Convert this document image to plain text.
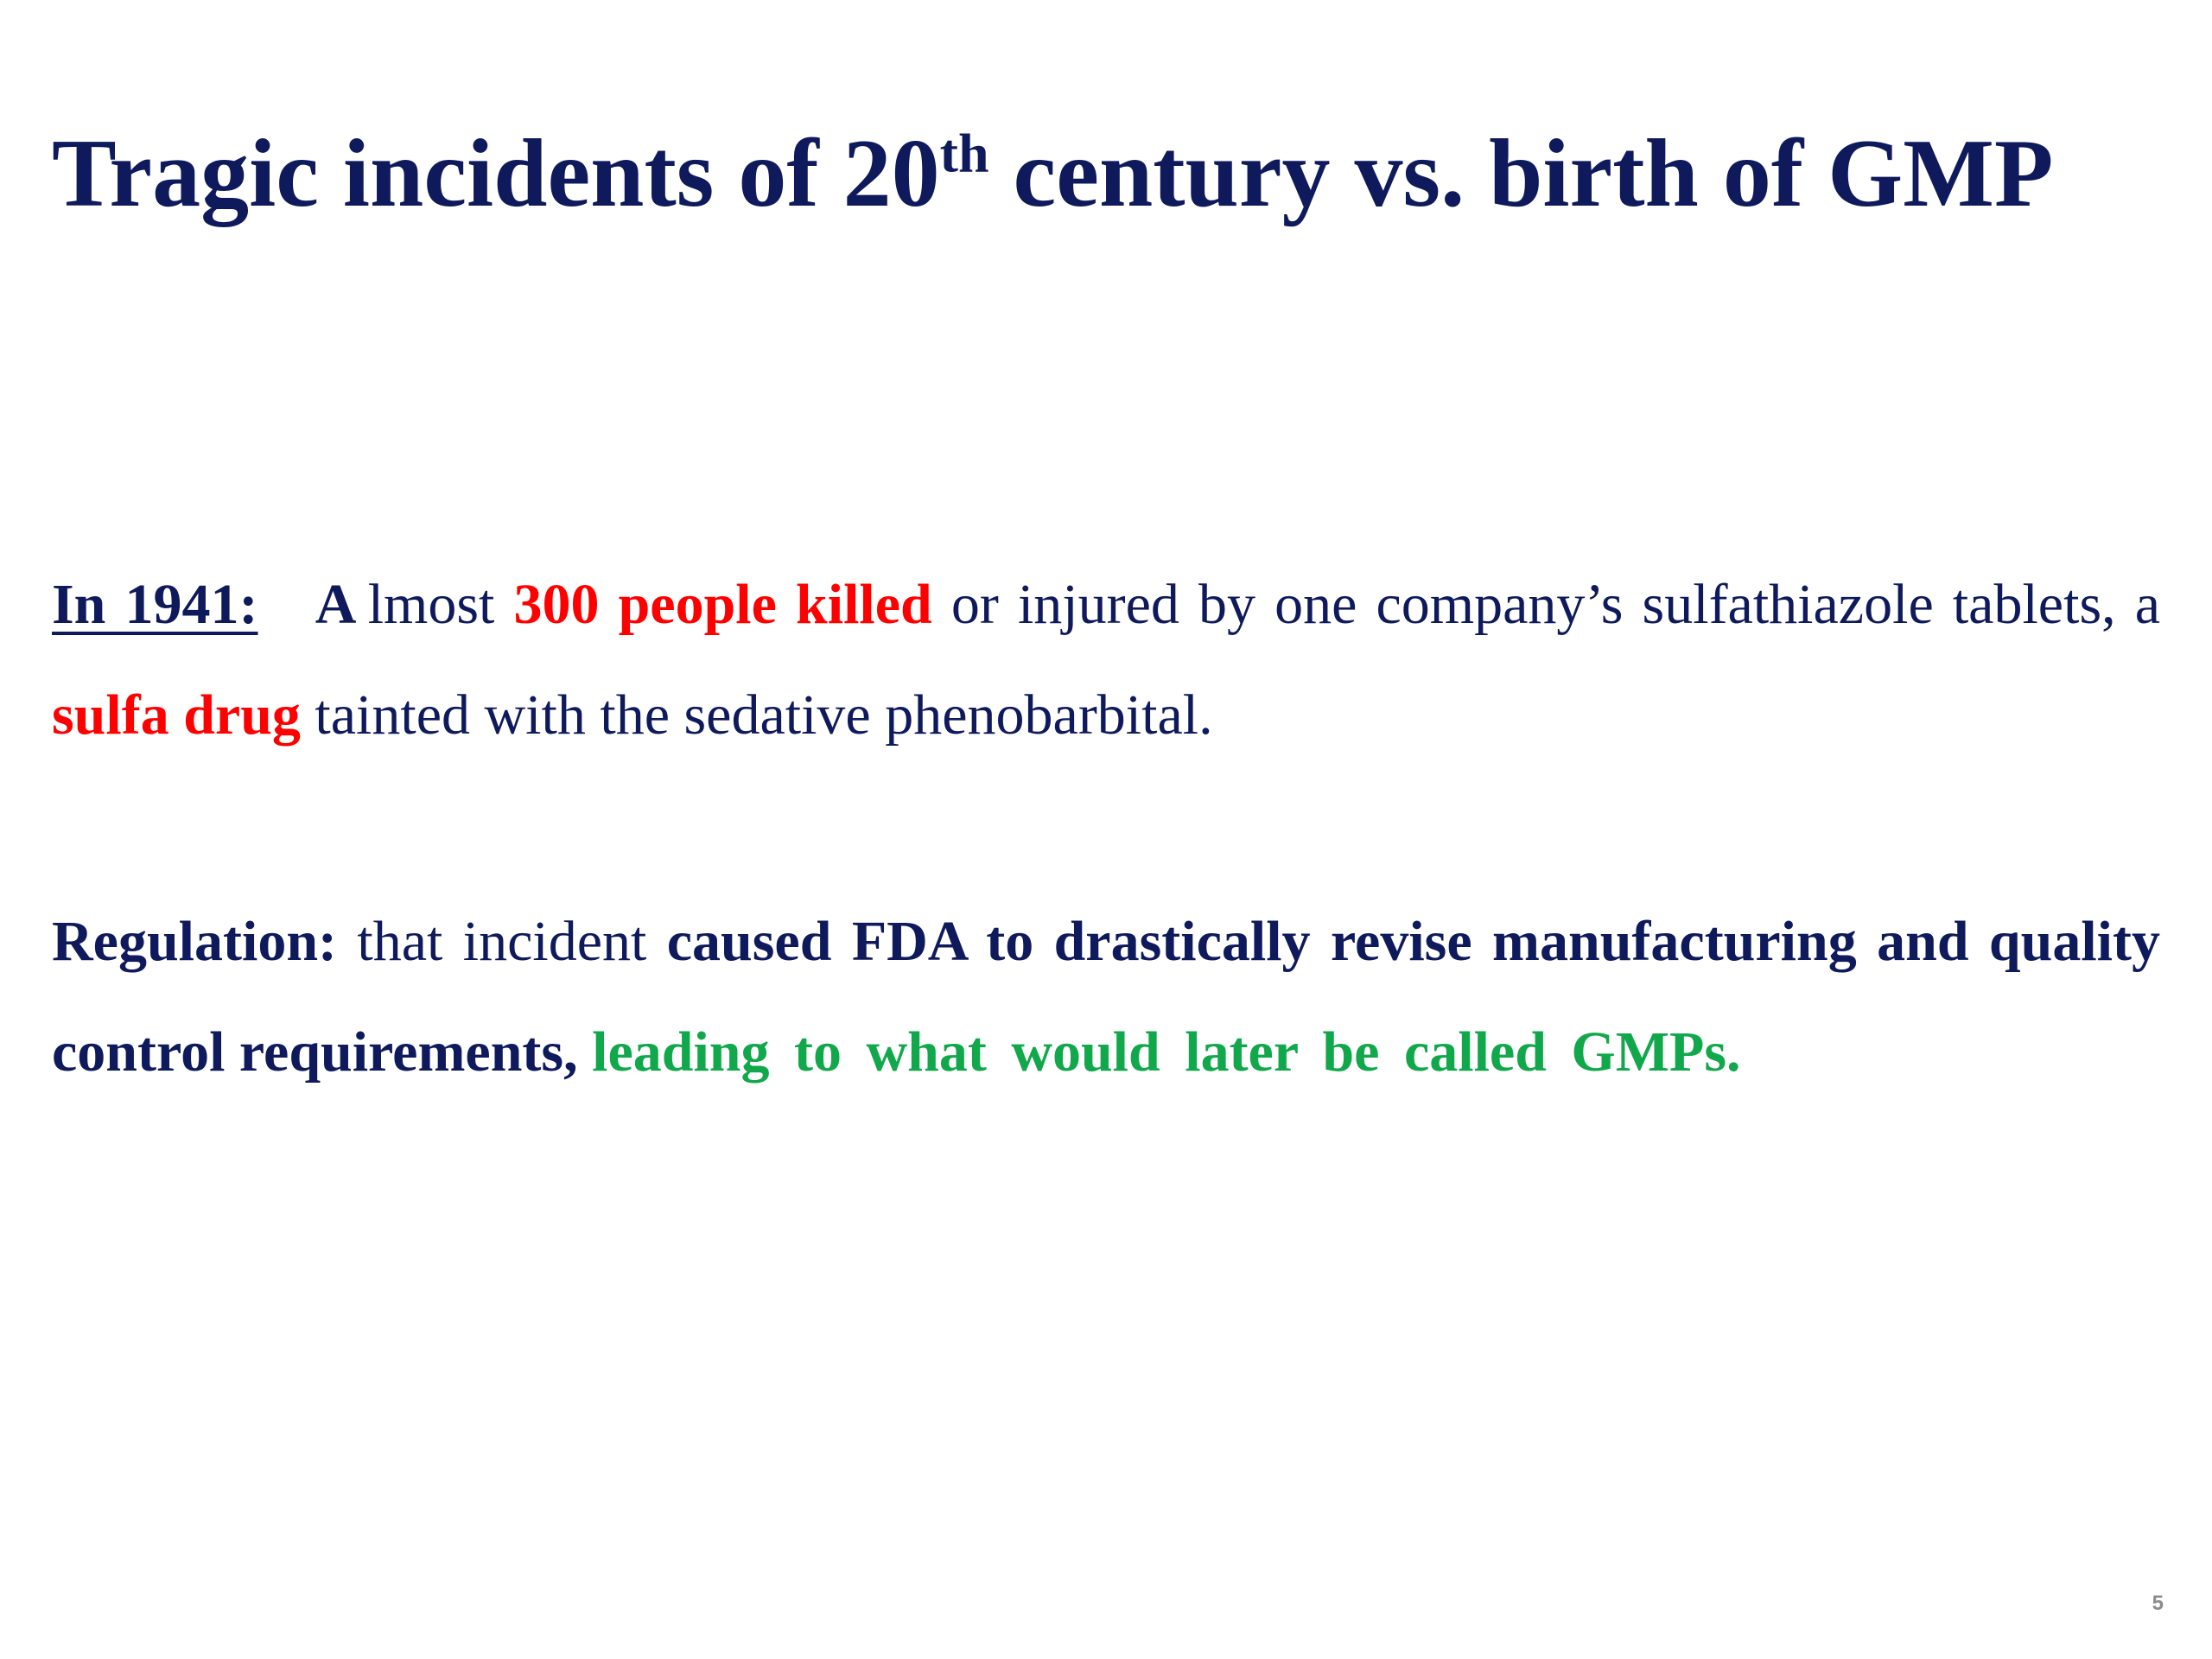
Tragic incidents of 20th century vs. birth of GMP

In 1941: A  lmost 300 people killed or injured by one company’s sulfathiazole tablets, a sulfa drug tainted with the sedative phenobarbital.

Regulation: that incident caused FDA to drastically revise manufacturing and quality control requirements, leading to what would later be called GMPs.

5
